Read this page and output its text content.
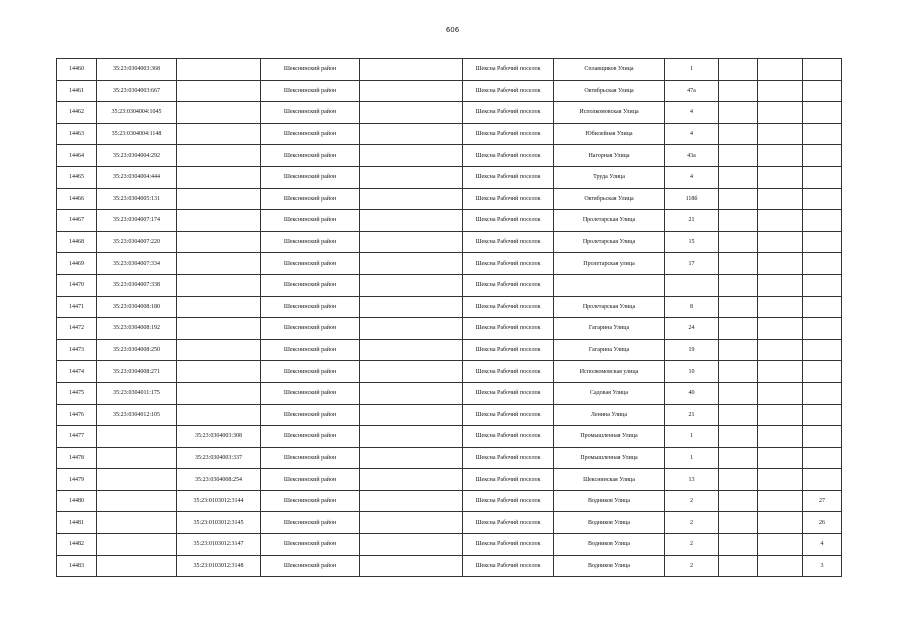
606
14460	35:23:0304003:368		Шекснинский район		Шексна Рабочий поселок	Сплавщиков Улица	1			
14461	35:23:0304003:667		Шекснинский район		Шексна Рабочий поселок	Октябрьская Улица	47а			
14462	35:23:0304004:1045		Шекснинский район		Шексна Рабочий поселок	Исполкомовская Улица	4			
14463	35:23:0304004:1148		Шекснинский район		Шексна Рабочий поселок	Юбилейная Улица	4			
14464	35:23:0304004:292		Шекснинский район		Шексна Рабочий поселок	Нагорная Улица	43а			
14465	35:23:0304004:444		Шекснинский район		Шексна Рабочий поселок	Труда Улица	4			
14466	35:23:0304005:131		Шекснинский район		Шексна Рабочий поселок	Октябрьская Улица	118б			
14467	35:23:0304007:174		Шекснинский район		Шексна Рабочий поселок	Пролетарская Улица	21			
14468	35:23:0304007:220		Шекснинский район		Шексна Рабочий поселок	Пролетарская Улица	15			
14469	35:23:0304007:334		Шекснинский район		Шексна Рабочий поселок	Пролетарская улица	17			
14470	35:23:0304007:338		Шекснинский район		Шексна Рабочий поселок					
14471	35:23:0304008:180		Шекснинский район		Шексна Рабочий поселок	Пролетарская Улица	8			
14472	35:23:0304008:192		Шекснинский район		Шексна Рабочий поселок	Гагарина Улица	24			
14473	35:23:0304008:250		Шекснинский район		Шексна Рабочий поселок	Гагарина Улица	19			
14474	35:23:0304008:271		Шекснинский район		Шексна Рабочий поселок	Исполкомовская улица	10			
14475	35:23:0304011:175		Шекснинский район		Шексна Рабочий поселок	Садовая Улица	40			
14476	35:23:0304012:105		Шекснинский район		Шексна Рабочий поселок	Ленина Улица	21			
14477		35:23:0304003:308	Шекснинский район		Шексна Рабочий поселок	Промышленная Улица	1			
14478		35:23:0304003:337	Шекснинский район		Шексна Рабочий поселок	Промышленная Улица	1			
14479		35:23:0304008:254	Шекснинский район		Шексна Рабочий поселок	Шекснинская Улица	13			
14480		35:23:0103012:3144	Шекснинский район		Шексна Рабочий поселок	Водников Улица	2			27
14481		35:23:0103012:3145	Шекснинский район		Шексна Рабочий поселок	Водников Улица	2			26
14482		35:23:0103012:3147	Шекснинский район		Шексна Рабочий поселок	Водников Улица	2			4
14483		35:23:0103012:3148	Шекснинский район		Шексна Рабочий поселок	Водников Улица	2			3
